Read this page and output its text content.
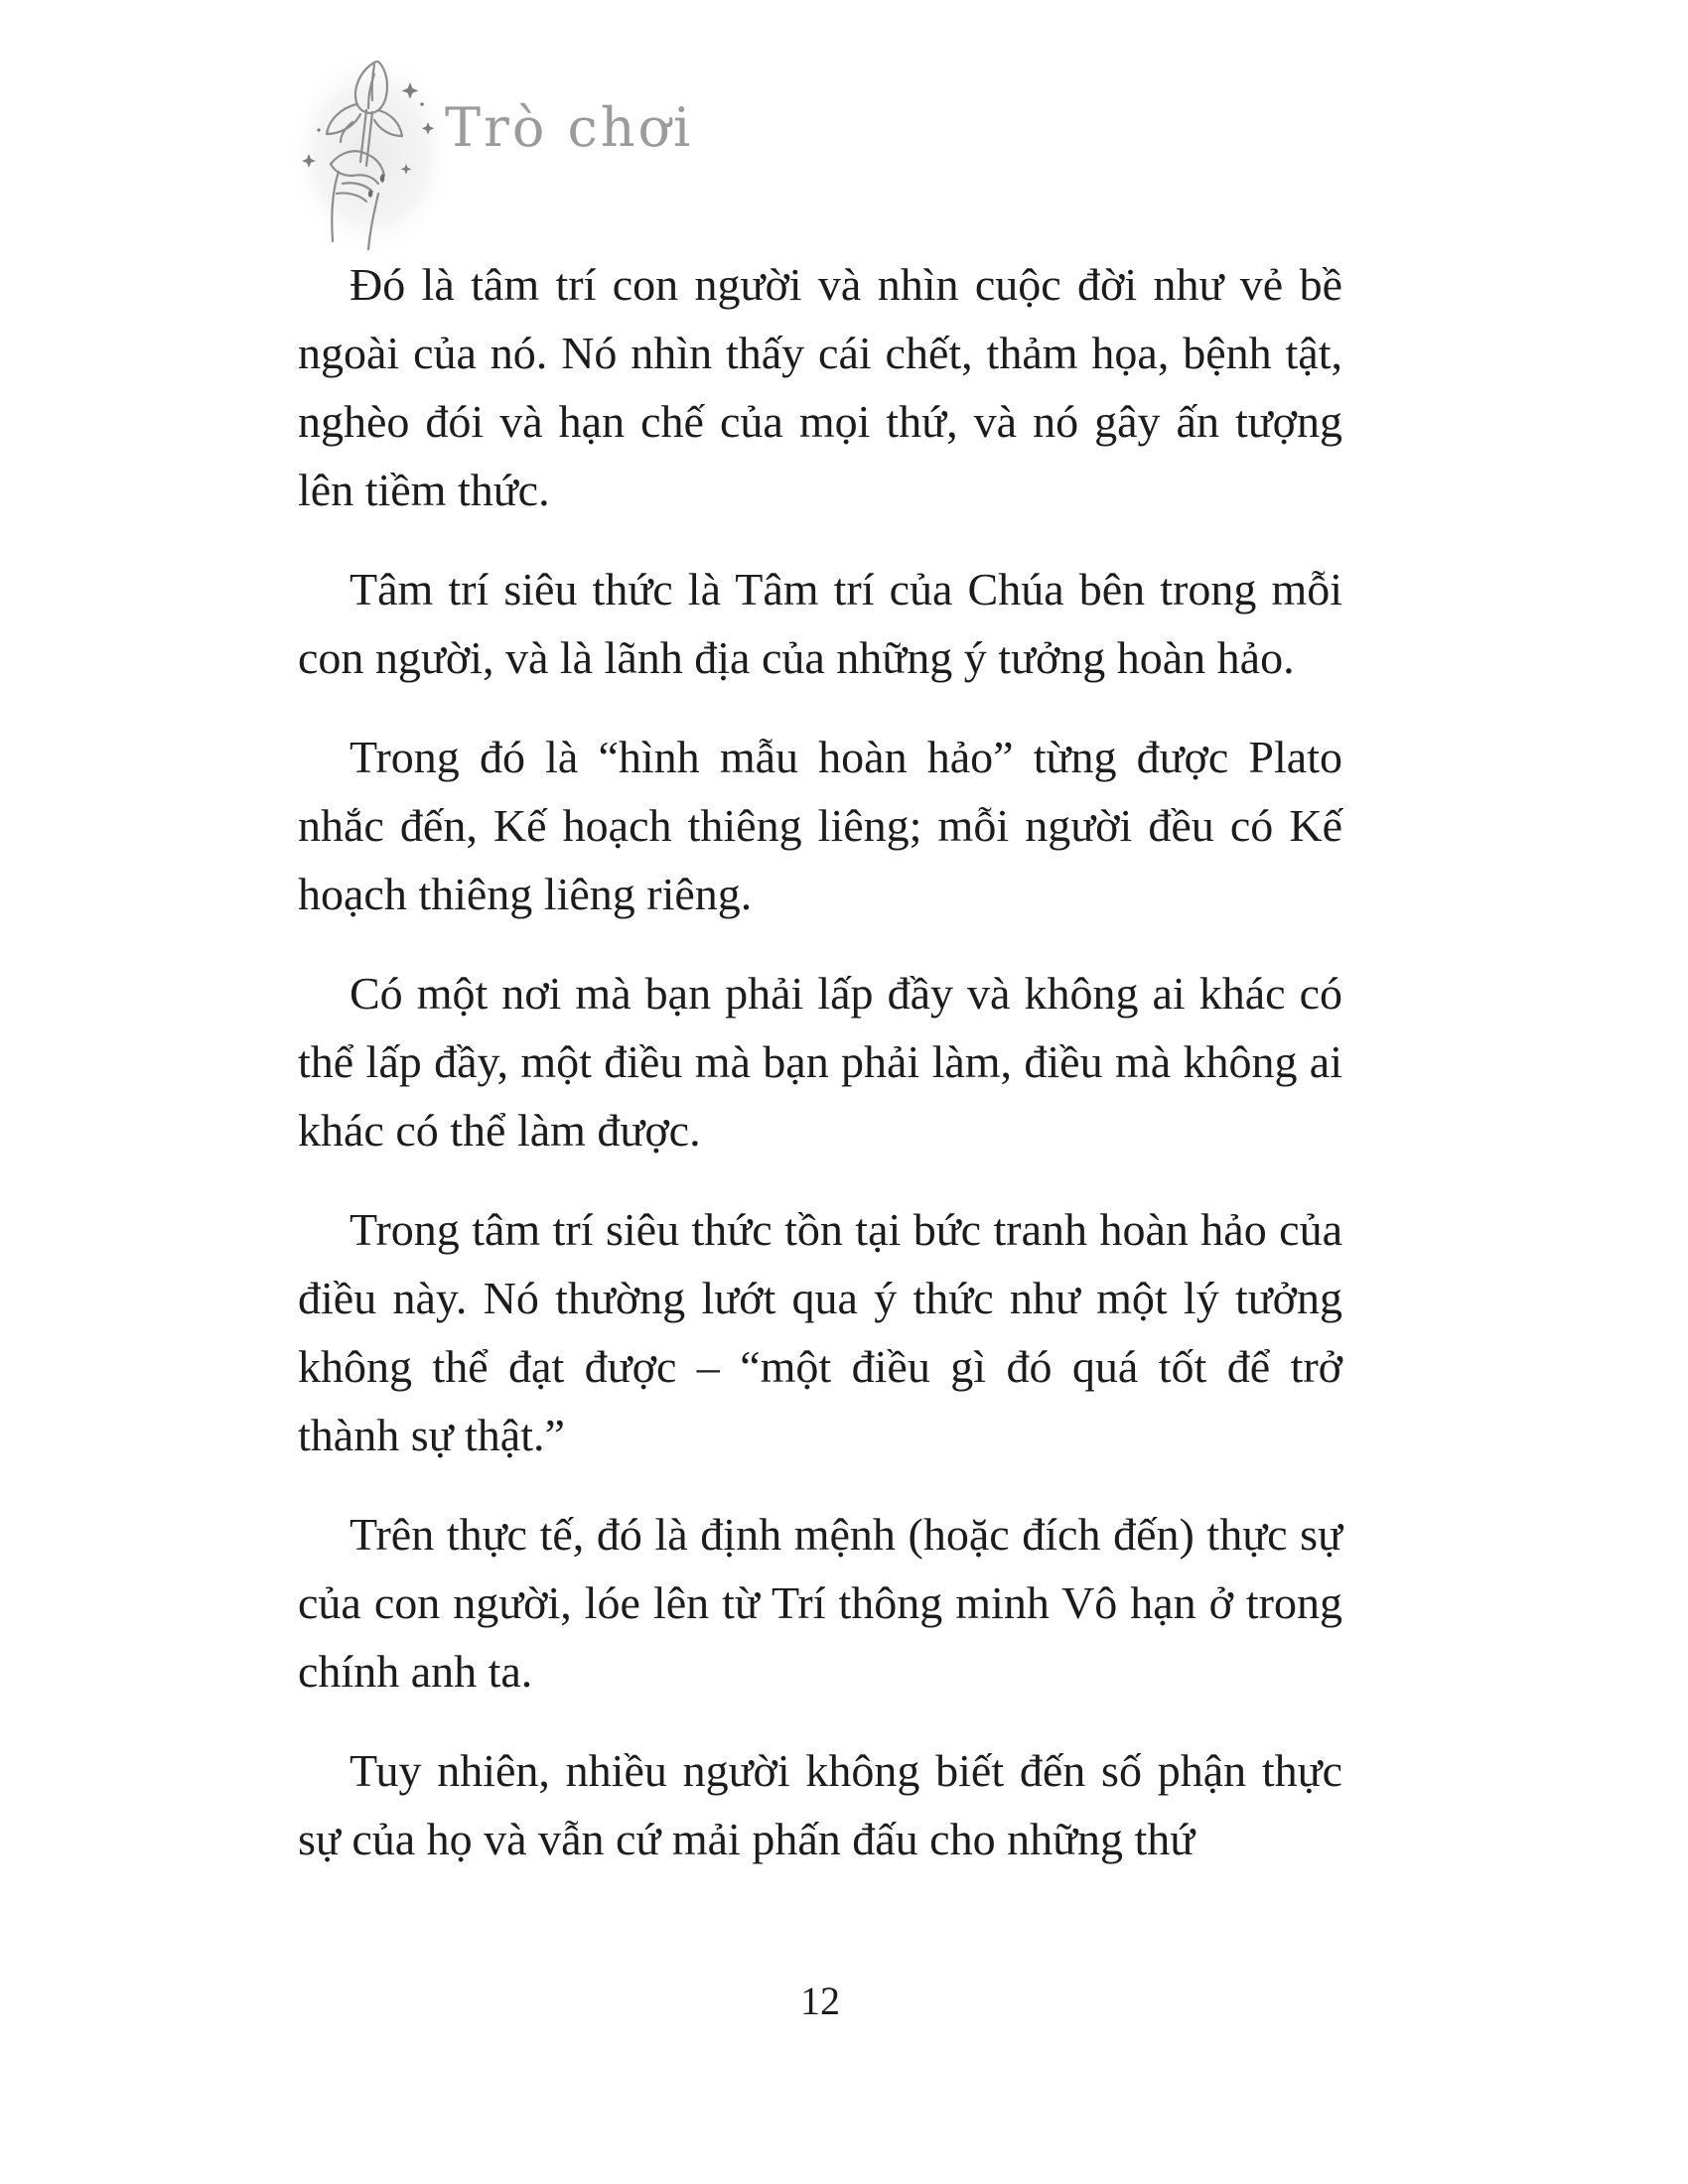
Trò chơi

Đó là tâm trí con người và nhìn cuộc đời như vẻ bề ngoài của nó. Nó nhìn thấy cái chết, thảm họa, bệnh tật, nghèo đói và hạn chế của mọi thứ, và nó gây ấn tượng lên tiềm thức.

Tâm trí siêu thức là Tâm trí của Chúa bên trong mỗi con người, và là lãnh địa của những ý tưởng hoàn hảo.

Trong đó là “hình mẫu hoàn hảo” từng được Plato nhắc đến, Kế hoạch thiêng liêng; mỗi người đều có Kế hoạch thiêng liêng riêng.

Có một nơi mà bạn phải lấp đầy và không ai khác có thể lấp đầy, một điều mà bạn phải làm, điều mà không ai khác có thể làm được.

Trong tâm trí siêu thức tồn tại bức tranh hoàn hảo của điều này. Nó thường lướt qua ý thức như một lý tưởng không thể đạt được – “một điều gì đó quá tốt để trở thành sự thật.”

Trên thực tế, đó là định mệnh (hoặc đích đến) thực sự của con người, lóe lên từ Trí thông minh Vô hạn ở trong chính anh ta.

Tuy nhiên, nhiều người không biết đến số phận thực sự của họ và vẫn cứ mải phấn đấu cho những thứ

12
